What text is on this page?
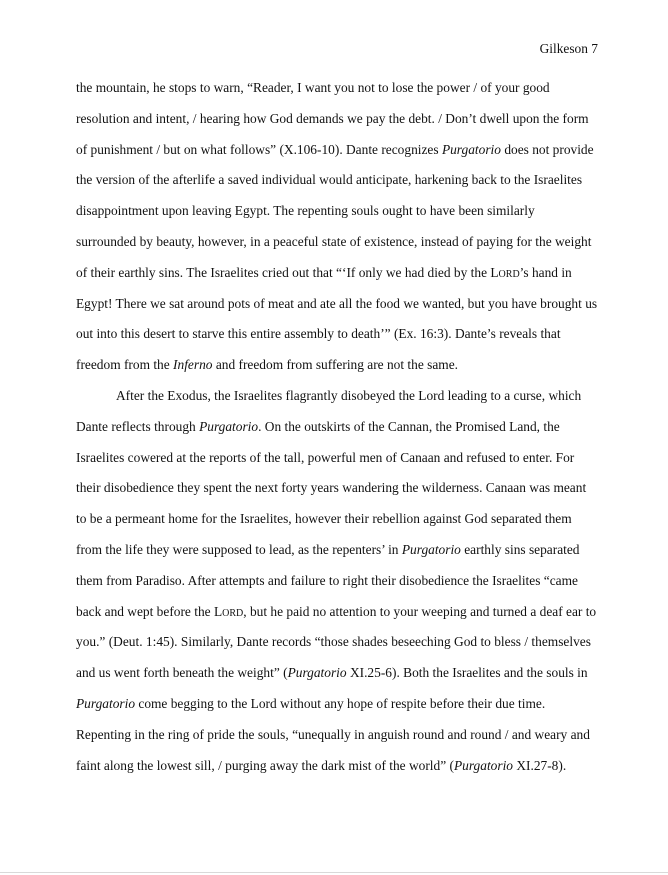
Gilkeson 7
the mountain, he stops to warn, “Reader, I want you not to lose the power / of your good
resolution and intent, / hearing how God demands we pay the debt. / Don’t dwell upon the form
of punishment / but on what follows” (X.106-10). Dante recognizes Purgatorio does not provide
the version of the afterlife a saved individual would anticipate, harkening back to the Israelites
disappointment upon leaving Egypt. The repenting souls ought to have been similarly
surrounded by beauty, however, in a peaceful state of existence, instead of paying for the weight
of their earthly sins. The Israelites cried out that “‘If only we had died by the LORD’s hand in
Egypt! There we sat around pots of meat and ate all the food we wanted, but you have brought us
out into this desert to starve this entire assembly to death’” (Ex. 16:3). Dante’s reveals that
freedom from the Inferno and freedom from suffering are not the same.
After the Exodus, the Israelites flagrantly disobeyed the Lord leading to a curse, which
Dante reflects through Purgatorio. On the outskirts of the Cannan, the Promised Land, the
Israelites cowered at the reports of the tall, powerful men of Canaan and refused to enter. For
their disobedience they spent the next forty years wandering the wilderness. Canaan was meant
to be a permeant home for the Israelites, however their rebellion against God separated them
from the life they were supposed to lead, as the repenters’ in Purgatorio earthly sins separated
them from Paradiso. After attempts and failure to right their disobedience the Israelites “came
back and wept before the LORD, but he paid no attention to your weeping and turned a deaf ear to
you.” (Deut. 1:45). Similarly, Dante records “those shades beseeching God to bless / themselves
and us went forth beneath the weight” (Purgatorio XI.25-6). Both the Israelites and the souls in
Purgatorio come begging to the Lord without any hope of respite before their due time.
Repenting in the ring of pride the souls, “unequally in anguish round and round / and weary and
faint along the lowest sill, / purging away the dark mist of the world” (Purgatorio XI.27-8).
